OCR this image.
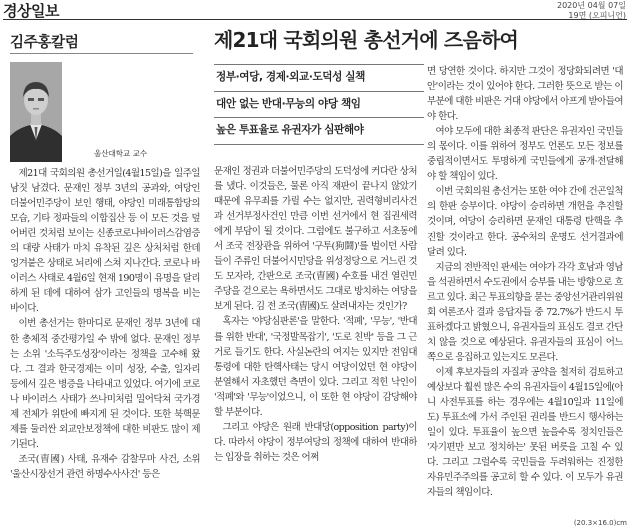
경상일보	2020년 04월 07일
19면 (오피니언)
김주홍칼럼
울산대학교 교수
제21대 국회의원 총선거에 즈음하여
정부·여당, 경제·외교·도덕성 실책
대안 없는 반대·무능의 야당 책임
높은 투표율로 유권자가 심판해야

제21대 국회의원 총선거일(4월15일)을 일주일 남짓 남겼다. 문재인 정부 3년의 공과와, 여당인 더불어민주당이 보인 행태, 야당인 미래통합당의 모습, 기타 정파들의 이합집산 등 이 모든 것을 덮어버린 것처럼 보이는 신종코로나바이러스감염증의 대량 사태가 마치 유착된 깊은 상처처럼 한데 엉겨붙은 상태로 뇌리에 스쳐 지나간다. 코로나 바이러스 사태로 4월6일 현재 190명이 유명을 달리하게 된 데에 대하여 삼가 고인들의 명복을 비는 바이다.

이번 총선거는 한마디로 문재인 정부 3년에 대한 총체적 중간평가일 수 밖에 없다. 문재인 정부는 소위 '소득주도성장'이라는 정책을 고수해 왔다. 그 결과 한국경제는 이미 성장, 수출, 일자리 등에서 깊은 병증을 나타내고 있었다. 여기에 코로나 바이러스 사태가 쓰나미처럼 밀어닥쳐 국가경제 전체가 위탄에 빠지게 된 것이다. 또한 북핵문제를 둘러싼 외교안보정책에 대한 비판도 많이 제기된다.

조국(曺國) 사태, 유재수 감찰무마 사건, 소위 '울산시장선거 관련 하명수사사건' 등은

문재인 정권과 더불어민주당의 도덕성에 커다란 상처를 냈다. 이것들은, 물론 아직 재판이 끝나지 않았기 때문에 유무죄를 가릴 수는 없지만, 권력형비리사건과 선거부정사건인 만큼 이번 선거에서 현 집권세력에게 부담이 될 것이다. 그럼에도 불구하고 서초동에서 조국 전장관을 위하여 '구투(狗鬪)'를 벌이던 사람들이 주류인 더불어시민당을 위성정당으로 거느린 것도 모자라, 간판으로 조국(曺國) 수호를 내건 열린민주당을 걷으로는 욕하면서도 그대로 방치하는 여당을 보게 된다. 김 전 조국(曺國)도 살려내자는 것인가?

혹자는 '야당심판론'을 말한다. '적폐', '무능', '반대를 위한 반대', '국정발목잡기', '도로 친박' 등을 그 근거로 들기도 한다. 사실논란의 여지는 있지만 전임대통령에 대한 탄핵사태는 당시 여당이었던 현 야당이 분열해서 자초했던 측면이 있다. 그리고 적힌 낙인이 '적폐'와 '무능'이었으니, 이 또한 현 야당이 감당해야 할 부분이다.

그리고 야당은 원래 반대당(opposition party)이다. 따라서 야당이 정부여당의 정책에 대하여 반대하는 입장을 취하는 것은 어쩌

면 당연한 것이다. 하지만 그것이 정당화되려면 '대안'이라는 것이 있어야 한다. 그러한 뜻으로 받는 이 부분에 대한 비판은 거대 야당에서 아프게 받아들여야 한다.

여야 모두에 대한 최종적 판단은 유권자인 국민들의 몫이다. 이를 위하여 정부도 언론도 모든 정보를 중립적이면서도 투명하게 국민들에게 공개·전달해야 할 책임이 있다.

이번 국회의원 총선거는 또한 여야 간에 건곤일척의 한판 승부이다. 야당이 승리하면 개헌을 추진할 것이며, 여당이 승리하면 문재인 대통령 탄핵을 추진할 것이라고 한다. 공수처의 운명도 선거결과에 달려 있다.

지금의 전반적인 판세는 여야가 각각 호남과 영남을 석권하면서 수도권에서 승부를 내는 방향으로 흐르고 있다. 최근 투표의향을 묻는 중앙선거관리위원회 여론조사 결과 응답자들 중 72.7%가 반드시 투표하겠다고 밝혔으니, 유권자들의 표심도 결코 간단치 않을 것으로 예상된다. 유권자들의 표심이 어느 쪽으로 응집하고 있는지도 모른다.

이제 후보자들의 자질과 공약을 철저히 검토하고 예상보다 훨씬 많은 수의 유권자들이 4월15일에(아니 사전투표를 하는 경우에는 4월10일과 11일에도) 투표소에 가서 주인된 권리를 반드시 행사하는 일이 있다. 투표율이 높으면 높을수록 정치인들은 '자기편만 보고 정치하는' 못된 버릇을 고칠 수 있다. 그리고 그럴수록 국민들을 두려워하는 진정한 자유민주주의를 공고히 할 수 있다. 이 모두가 유권자들의 책임이다.

(20.3×16.0)cm
